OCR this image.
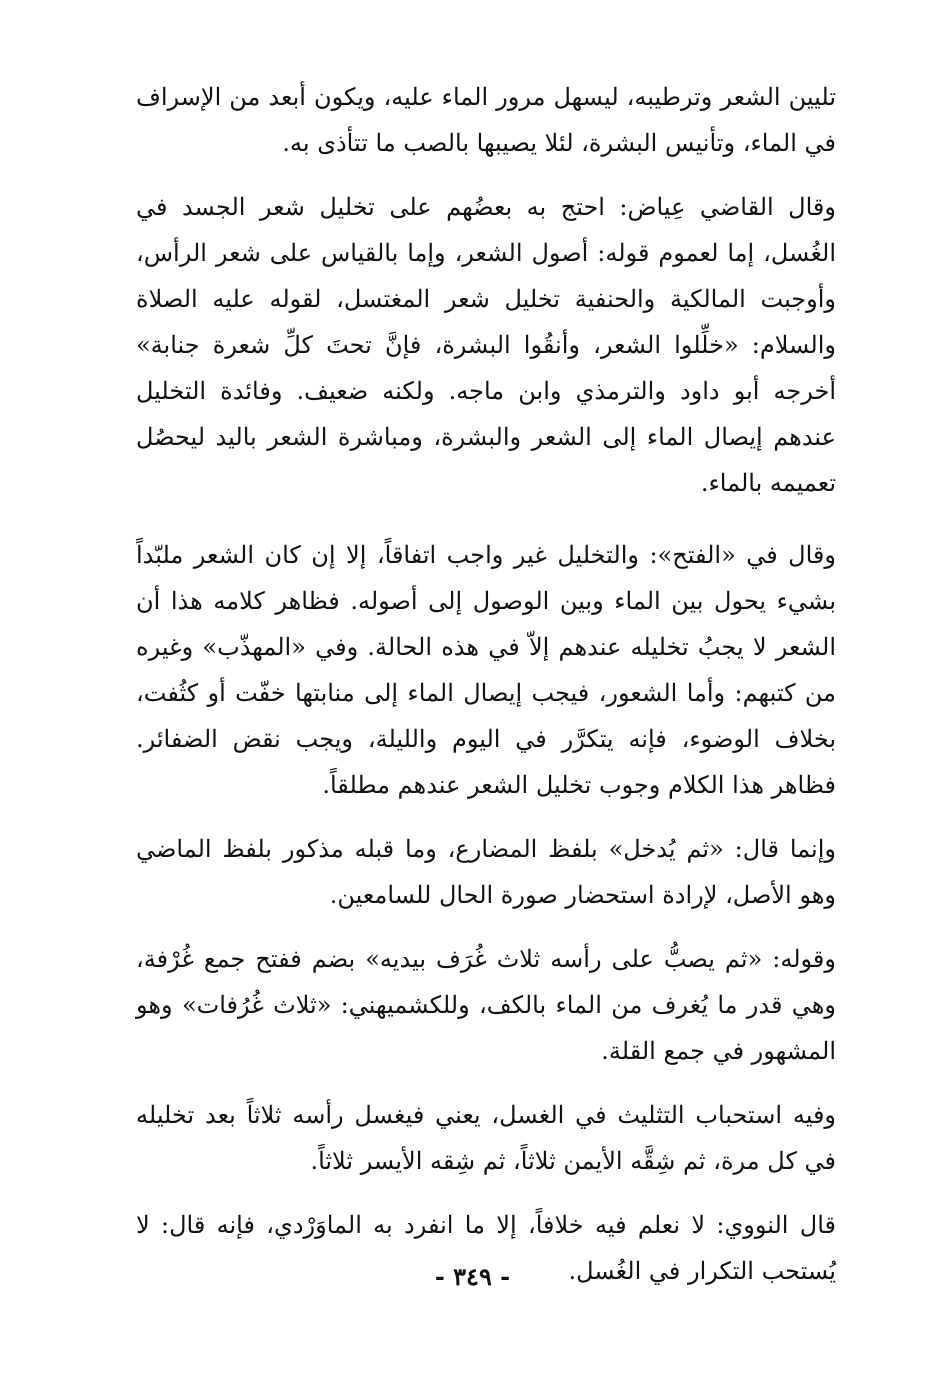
تليين الشعر وترطيبه، ليسهل مرور الماء عليه، ويكون أبعد من الإسراف في الماء، وتأنيس البشرة، لئلا يصيبها بالصب ما تتأذى به.

وقال القاضي عِياض: احتج به بعضُهم على تخليل شعر الجسد في الغُسل، إما لعموم قوله: أصول الشعر، وإما بالقياس على شعر الرأس، وأوجبت المالكية والحنفية تخليل شعر المغتسل، لقوله عليه الصلاة والسلام: «خلِّلوا الشعر، وأنقُوا البشرة، فإنَّ تحتَ كلِّ شعرة جنابة» أخرجه أبو داود والترمذي وابن ماجه. ولكنه ضعيف. وفائدة التخليل عندهم إيصال الماء إلى الشعر والبشرة، ومباشرة الشعر باليد ليحصُل تعميمه بالماء.

وقال في «الفتح»: والتخليل غير واجب اتفاقاً، إلا إن كان الشعر ملبّداً بشيء يحول بين الماء وبين الوصول إلى أصوله. فظاهر كلامه هذا أن الشعر لا يجبُ تخليله عندهم إلاّ في هذه الحالة. وفي «المهذّب» وغيره من كتبهم: وأما الشعور، فيجب إيصال الماء إلى منابتها خفّت أو كثُفت، بخلاف الوضوء، فإنه يتكرَّر في اليوم والليلة، ويجب نقض الضفائر. فظاهر هذا الكلام وجوب تخليل الشعر عندهم مطلقاً.

وإنما قال: «ثم يُدخل» بلفظ المضارع، وما قبله مذكور بلفظ الماضي وهو الأصل، لإرادة استحضار صورة الحال للسامعين.

وقوله: «ثم يصبُّ على رأسه ثلاث غُرَف بيديه» بضم ففتح جمع غُرْفة، وهي قدر ما يُغرف من الماء بالكف، وللكشميهني: «ثلاث غُرُفات» وهو المشهور في جمع القلة.

وفيه استحباب التثليث في الغسل، يعني فيغسل رأسه ثلاثاً بعد تخليله في كل مرة، ثم شِقَّه الأيمن ثلاثاً، ثم شِقه الأيسر ثلاثاً.

قال النووي: لا نعلم فيه خلافاً، إلا ما انفرد به الماوَرْدي، فإنه قال: لا يُستحب التكرار في الغُسل.

- ٣٤٩ -
